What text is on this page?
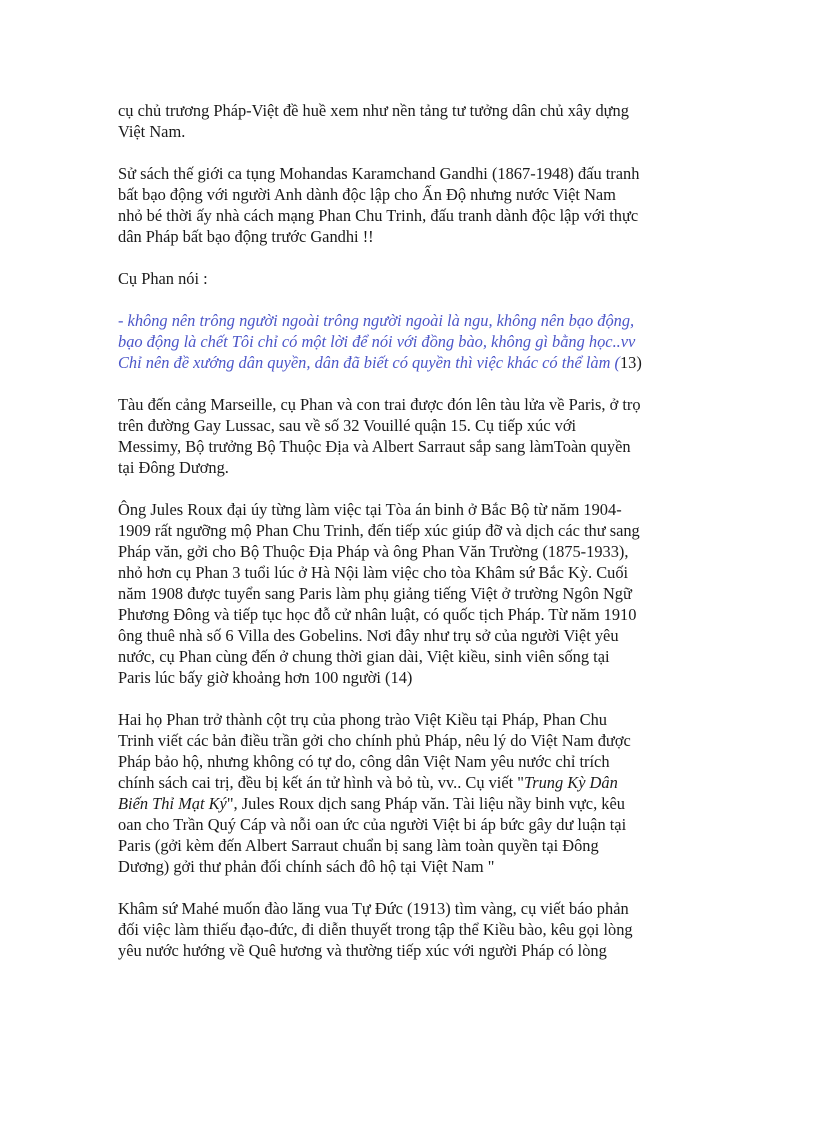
cụ chủ trương Pháp-Việt đề huề xem như nền tảng tư tưởng dân chủ xây dựng
Việt Nam.

Sử sách thế giới ca tụng Mohandas Karamchand Gandhi (1867-1948) đấu tranh
bất bạo động với người Anh dành độc lập cho Ấn Độ nhưng nước Việt Nam
nhỏ bé thời ấy nhà cách mạng Phan Chu Trinh, đấu tranh dành độc lập với thực
dân Pháp bất bạo động trước Gandhi !!

Cụ Phan nói :

- không nên trông người ngoài trông người ngoài là ngu, không nên bạo động,
bạo động là chết Tôi chỉ có một lời để nói với đồng bào, không gì bằng học..vv
Chỉ nên đề xướng dân quyền, dân đã biết có quyền thì việc khác có thể làm (13)

Tàu đến cảng Marseille, cụ Phan và con trai được đón lên tàu lửa về Paris, ở trọ
trên đường Gay Lussac, sau về số 32 Vouillé quận 15. Cụ tiếp xúc với
Messimy, Bộ trưởng Bộ Thuộc Địa và Albert Sarraut sắp sang làmToàn quyền
tại Đông Dương.

Ông Jules Roux đại úy từng làm việc tại Tòa án binh ở Bắc Bộ từ năm 1904-
1909 rất ngưỡng mộ Phan Chu Trinh, đến tiếp xúc giúp đỡ và dịch các thư sang
Pháp văn, gởi cho Bộ Thuộc Địa Pháp và ông Phan Văn Trường (1875-1933),
nhỏ hơn cụ Phan 3 tuổi lúc ở Hà Nội làm việc cho tòa Khâm sứ Bắc Kỳ. Cuối
năm 1908 được tuyển sang Paris làm phụ giảng tiếng Việt ở trường Ngôn Ngữ
Phương Đông và tiếp tục học đỗ cử nhân luật, có quốc tịch Pháp. Từ năm 1910
ông thuê nhà số 6 Villa des Gobelins. Nơi đây như trụ sở của người Việt yêu
nước, cụ Phan cùng đến ở chung thời gian dài, Việt kiều, sinh viên sống tại
Paris lúc bấy giờ khoảng hơn 100 người (14)

Hai họ Phan trở thành cột trụ của phong trào Việt Kiều tại Pháp, Phan Chu
Trinh viết các bản điều trần gởi cho chính phủ Pháp, nêu lý do Việt Nam được
Pháp bảo hộ, nhưng không có tự do, công dân Việt Nam yêu nước chỉ trích
chính sách cai trị, đều bị kết án tử hình và bỏ tù, vv.. Cụ viết "Trung Kỳ Dân
Biến Thỉ Mạt Ký", Jules Roux dịch sang Pháp văn. Tài liệu nầy binh vực, kêu
oan cho Trần Quý Cáp và nỗi oan ức của người Việt bi áp bức gây dư luận tại
Paris (gởi kèm đến Albert Sarraut chuẩn bị sang làm toàn quyền tại Đông
Dương) gởi thư phản đối chính sách đô hộ tại Việt Nam "

Khâm sứ Mahé muốn đào lăng vua Tự Đức (1913) tìm vàng, cụ viết báo phản
đối việc làm thiếu đạo-đức, đi diễn thuyết trong tập thể Kiều bào, kêu gọi lòng
yêu nước hướng về Quê hương và thường tiếp xúc với người Pháp có lòng
